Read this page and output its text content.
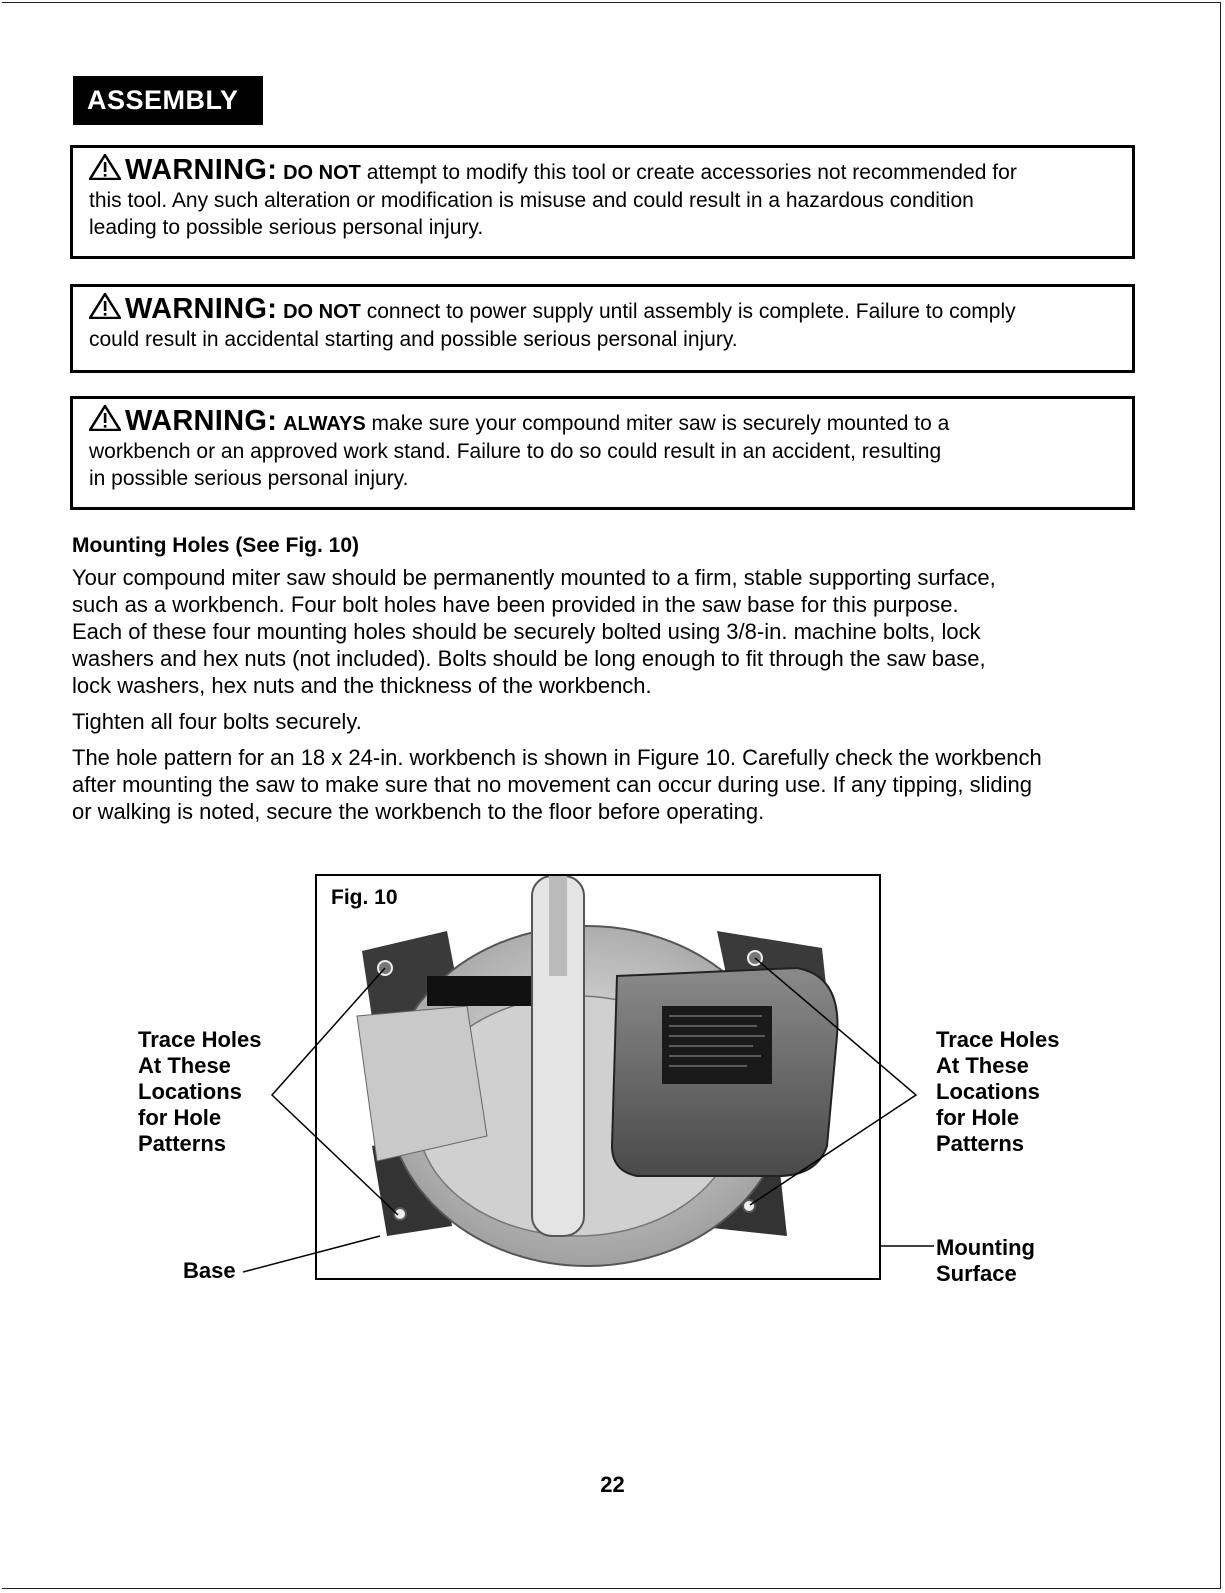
ASSEMBLY
WARNING: DO NOT attempt to modify this tool or create accessories not recommended for
this tool. Any such alteration or modification is misuse and could result in a hazardous condition
leading to possible serious personal injury.
WARNING: DO NOT connect to power supply until assembly is complete. Failure to comply
could result in accidental starting and possible serious personal injury.
WARNING: ALWAYS make sure your compound miter saw is securely mounted to a
workbench or an approved work stand. Failure to do so could result in an accident, resulting
in possible serious personal injury.
Mounting Holes (See Fig. 10)

Your compound miter saw should be permanently mounted to a firm, stable supporting surface,
such as a workbench. Four bolt holes have been provided in the saw base for this purpose.
Each of these four mounting holes should be securely bolted using 3/8-in. machine bolts, lock
washers and hex nuts (not included). Bolts should be long enough to fit through the saw base,
lock washers, hex nuts and the thickness of the workbench.

Tighten all four bolts securely.

The hole pattern for an 18 x 24-in. workbench is shown in Figure 10. Carefully check the workbench
after mounting the saw to make sure that no movement can occur during use. If any tipping, sliding
or walking is noted, secure the workbench to the floor before operating.

Fig. 10
Trace Holes
At These
Locations
for Hole
Patterns
Trace Holes
At These
Locations
for Hole
Patterns
Base
Mounting
Surface
22
